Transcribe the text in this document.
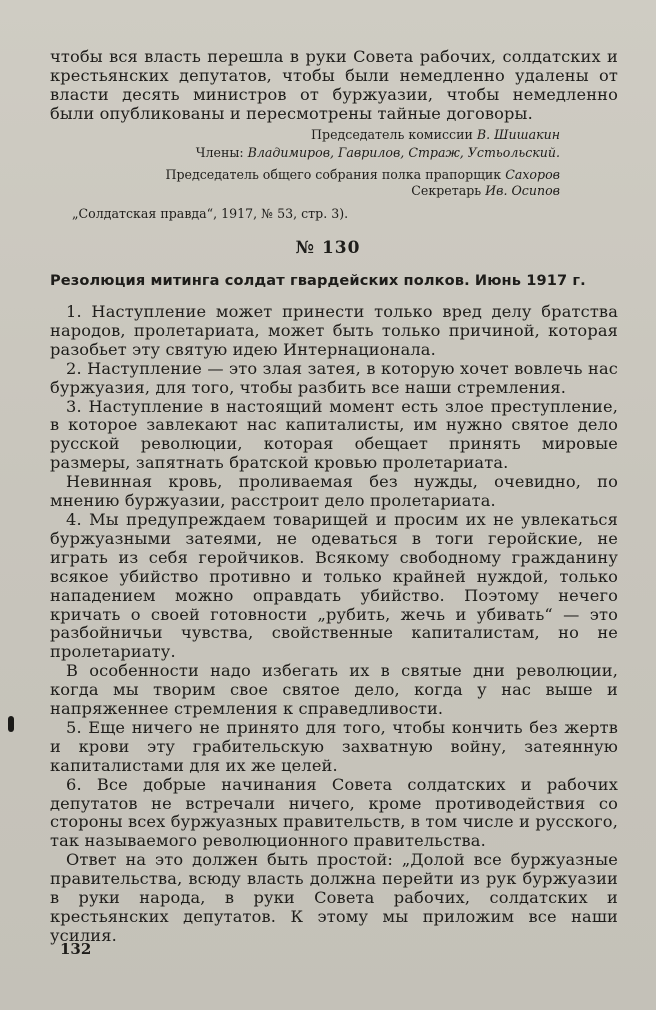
чтобы вся власть перешла в руки Совета рабочих, солдатских и крестьянских депутатов, чтобы были немедленно удалены от власти десять министров от буржуазии, чтобы немедленно были опубликованы и пересмотрены тайные договоры.

Председатель комиссии В. Шишакин
Члены: Владимиров, Гаврилов, Страж, Устьольский.
Председатель общего собрания полка прапорщик Сахоров
Секретарь Ив. Осипов
„Солдатская правда“, 1917, № 53, стр. 3).
№ 130
Резолюция митинга солдат гвардейских полков. Июнь 1917 г.

1. Наступление может принести только вред делу братства народов, пролетариата, может быть только причиной, которая разобьет эту святую идею Интернационала.

2. Наступление — это злая затея, в которую хочет вовлечь нас буржуазия, для того, чтобы разбить все наши стремления.

3. Наступление в настоящий момент есть злое преступление, в которое завлекают нас капиталисты, им нужно святое дело русской революции, которая обещает принять мировые размеры, запятнать братской кровью пролетариата.

Невинная кровь, проливаемая без нужды, очевидно, по мнению буржуазии, расстроит дело пролетариата.

4. Мы предупреждаем товарищей и просим их не увлекаться буржуазными затеями, не одеваться в тоги геройские, не играть из себя геройчиков. Всякому свободному гражданину всякое убийство противно и только крайней нуждой, только нападением можно оправдать убийство. Поэтому нечего кричать о своей готовности „рубить, жечь и убивать“ — это разбойничьи чувства, свойственные капиталистам, но не пролетариату.

В особенности надо избегать их в святые дни революции, когда мы творим свое святое дело, когда у нас выше и напряженнее стремления к справедливости.

5. Еще ничего не принято для того, чтобы кончить без жертв и крови эту грабительскую захватную войну, затеянную капиталистами для их же целей.

6. Все добрые начинания Совета солдатских и рабочих депутатов не встречали ничего, кроме противодействия со стороны всех буржуазных правительств, в том числе и русского, так называемого революционного правительства.

Ответ на это должен быть простой: „Долой все буржуазные правительства, всюду власть должна перейти из рук буржуазии в руки народа, в руки Совета рабочих, солдатских и крестьянских депутатов. К этому мы приложим все наши усилия.

132
